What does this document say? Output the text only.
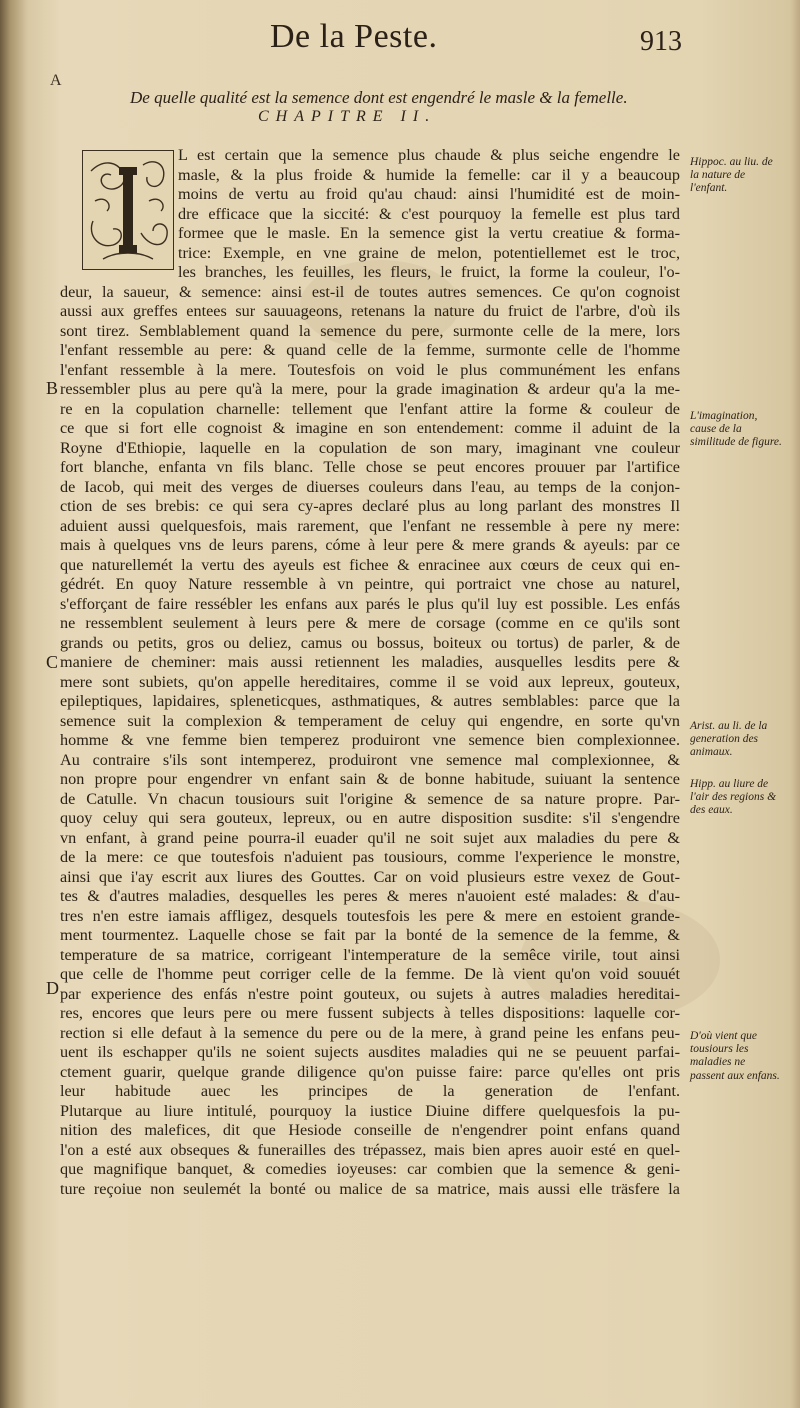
De la Peste.	913
A
De quelle qualité est la semence dont est engendré le masle & la femelle.
CHAPITRE II.
L est certain que la semence plus chaude & plus seiche engendre le
masle, & la plus froide & humide la femelle: car il y a beaucoup
moins de vertu au froid qu'au chaud: ainsi l'humidité est de moin-
dre efficace que la siccité: & c'est pourquoy la femelle est plus tard
formee que le masle. En la semence gist la vertu creatiue & forma-
trice: Exemple, en vne graine de melon, potentiellemet est le troc,
les branches, les feuilles, les fleurs, le fruict, la forme la couleur, l'o-
deur, la saueur, & semence: ainsi est-il de toutes autres semences. Ce qu'on cognoist
aussi aux greffes entees sur sauuageons, retenans la nature du fruict de l'arbre, d'où ils
sont tirez. Semblablement quand la semence du pere, surmonte celle de la mere, lors
l'enfant ressemble au pere: & quand celle de la femme, surmonte celle de l'homme
l'enfant ressemble à la mere. Toutesfois on void le plus communément les enfans
ressembler plus au pere qu'à la mere, pour la grade imagination & ardeur qu'a la me-
re en la copulation charnelle: tellement que l'enfant attire la forme & couleur de
ce que si fort elle cognoist & imagine en son entendement: comme il aduint de la
Royne d'Ethiopie, laquelle en la copulation de son mary, imaginant vne couleur
fort blanche, enfanta vn fils blanc. Telle chose se peut encores prouuer par l'artifice
de Iacob, qui meit des verges de diuerses couleurs dans l'eau, au temps de la conjon-
ction de ses brebis: ce qui sera cy-apres declaré plus au long parlant des monstres Il
aduient aussi quelquesfois, mais rarement, que l'enfant ne ressemble à pere ny mere:
mais à quelques vns de leurs parens, cóme à leur pere & mere grands & ayeuls: par ce
que naturellemét la vertu des ayeuls est fichee & enracinee aux cœurs de ceux qui en-
gédrét. En quoy Nature ressemble à vn peintre, qui portraict vne chose au naturel,
s'efforçant de faire ressébler les enfans aux parés le plus qu'il luy est possible. Les enfás
ne ressemblent seulement à leurs pere & mere de corsage (comme en ce qu'ils sont
grands ou petits, gros ou deliez, camus ou bossus, boiteux ou tortus) de parler, & de
maniere de cheminer: mais aussi retiennent les maladies, ausquelles lesdits pere &
mere sont subiets, qu'on appelle hereditaires, comme il se void aux lepreux, gouteux,
epileptiques, lapidaires, spleneticques, asthmatiques, & autres semblables: parce que la
semence suit la complexion & temperament de celuy qui engendre, en sorte qu'vn
homme & vne femme bien temperez produiront vne semence bien complexionnee.
Au contraire s'ils sont intemperez, produiront vne semence mal complexionnee, &
non propre pour engendrer vn enfant sain & de bonne habitude, suiuant la sentence
de Catulle. Vn chacun tousiours suit l'origine & semence de sa nature propre. Par-
quoy celuy qui sera gouteux, lepreux, ou en autre disposition susdite: s'il s'engendre
vn enfant, à grand peine pourra-il euader qu'il ne soit sujet aux maladies du pere &
de la mere: ce que toutesfois n'aduient pas tousiours, comme l'experience le monstre,
ainsi que i'ay escrit aux liures des Gouttes. Car on void plusieurs estre vexez de Gout-
tes & d'autres maladies, desquelles les peres & meres n'auoient esté malades: & d'au-
tres n'en estre iamais affligez, desquels toutesfois les pere & mere en estoient grande-
ment tourmentez. Laquelle chose se fait par la bonté de la semence de la femme, &
temperature de sa matrice, corrigeant l'intemperature de la semêce virile, tout ainsi
que celle de l'homme peut corriger celle de la femme. De là vient qu'on void souuét
par experience des enfás n'estre point gouteux, ou sujets à autres maladies hereditai-
res, encores que leurs pere ou mere fussent subjects à telles dispositions: laquelle cor-
rection si elle defaut à la semence du pere ou de la mere, à grand peine les enfans peu-
uent ils eschapper qu'ils ne soient sujects ausdites maladies qui ne se peuuent parfai-
ctement guarir, quelque grande diligence qu'on puisse faire: parce qu'elles ont pris
leur habitude auec les principes de la generation de l'enfant.
Plutarque au liure intitulé, pourquoy la iustice Diuine differe quelquesfois la pu-
nition des malefices, dit que Hesiode conseille de n'engendrer point enfans quand
l'on a esté aux obseques & funerailles des trépassez, mais bien apres auoir esté en quel-
que magnifique banquet, & comedies ioyeuses: car combien que la semence & geni-
ture reçoiue non seulemét la bonté ou malice de sa matrice, mais aussi elle träsfere la
Hippoc. au liu. de la nature de l'enfant.
L'imagination, cause de la similitude de figure.
Arist. au li. de la generation des animaux.
Hipp. au liure de l'air des regions & des eaux.
D'où vient que tousiours les maladies ne passent aux enfans.
B
C
D
